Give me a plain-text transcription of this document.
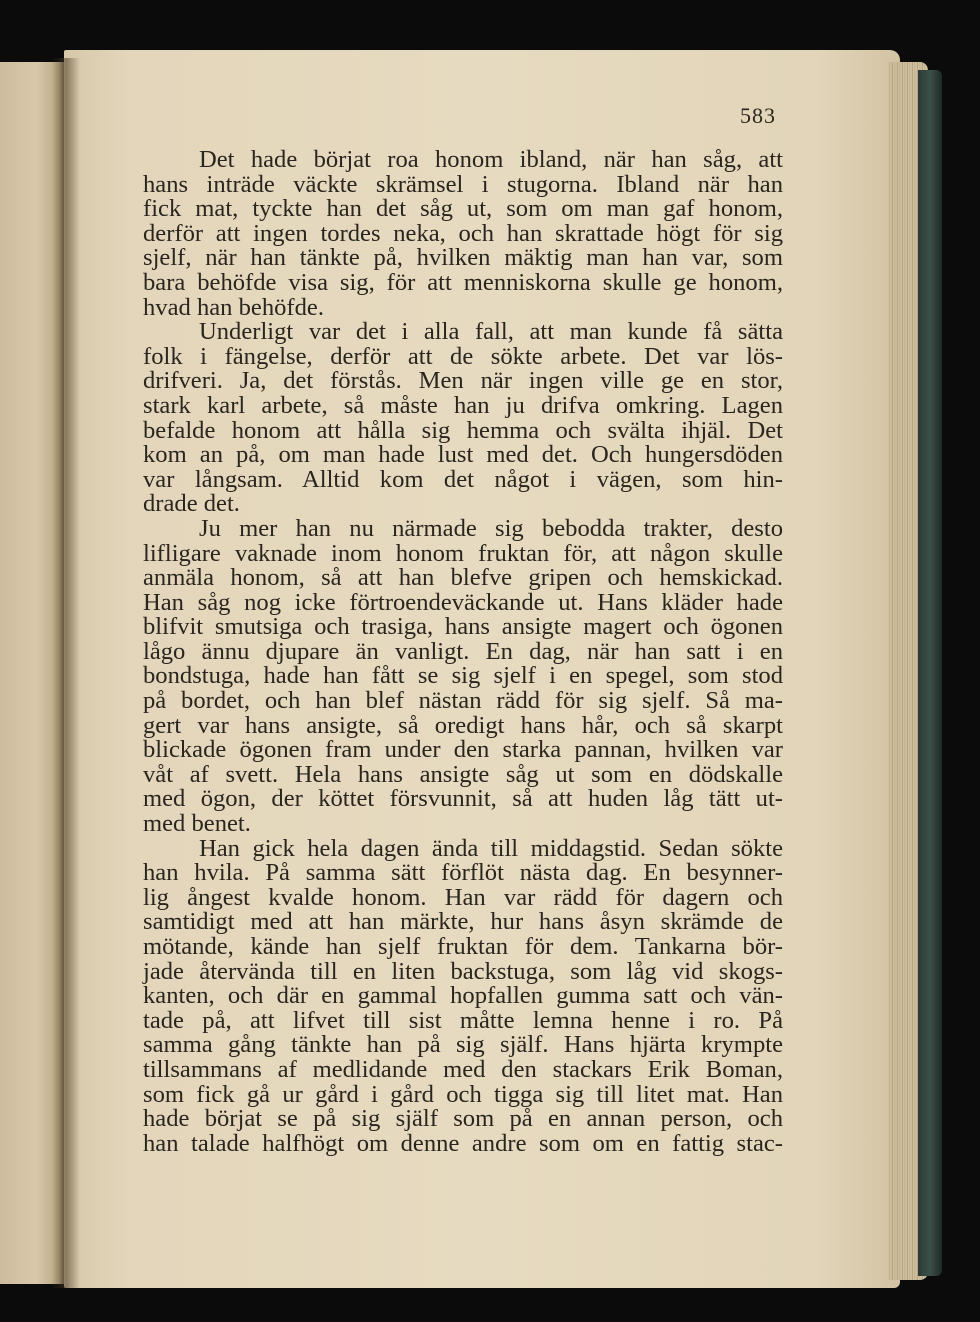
583
Det hade börjat roa honom ibland, när han såg, att
hans inträde väckte skrämsel i stugorna. Ibland när han
fick mat, tyckte han det såg ut, som om man gaf honom,
derför att ingen tordes neka, och han skrattade högt för sig
sjelf, när han tänkte på, hvilken mäktig man han var, som
bara behöfde visa sig, för att menniskorna skulle ge honom,
hvad han behöfde.
Underligt var det i alla fall, att man kunde få sätta
folk i fängelse, derför att de sökte arbete. Det var lös-
drifveri. Ja, det förstås. Men när ingen ville ge en stor,
stark karl arbete, så måste han ju drifva omkring. Lagen
befalde honom att hålla sig hemma och svälta ihjäl. Det
kom an på, om man hade lust med det. Och hungersdöden
var långsam. Alltid kom det något i vägen, som hin-
drade det.
Ju mer han nu närmade sig bebodda trakter, desto
lifligare vaknade inom honom fruktan för, att någon skulle
anmäla honom, så att han blefve gripen och hemskickad.
Han såg nog icke förtroendeväckande ut. Hans kläder hade
blifvit smutsiga och trasiga, hans ansigte magert och ögonen
lågo ännu djupare än vanligt. En dag, när han satt i en
bondstuga, hade han fått se sig sjelf i en spegel, som stod
på bordet, och han blef nästan rädd för sig sjelf. Så ma-
gert var hans ansigte, så oredigt hans hår, och så skarpt
blickade ögonen fram under den starka pannan, hvilken var
våt af svett. Hela hans ansigte såg ut som en dödskalle
med ögon, der köttet försvunnit, så att huden låg tätt ut-
med benet.
Han gick hela dagen ända till middagstid. Sedan sökte
han hvila. På samma sätt förflöt nästa dag. En besynner-
lig ångest kvalde honom. Han var rädd för dagern och
samtidigt med att han märkte, hur hans åsyn skrämde de
mötande, kände han sjelf fruktan för dem. Tankarna bör-
jade återvända till en liten backstuga, som låg vid skogs-
kanten, och där en gammal hopfallen gumma satt och vän-
tade på, att lifvet till sist måtte lemna henne i ro. På
samma gång tänkte han på sig själf. Hans hjärta krympte
tillsammans af medlidande med den stackars Erik Boman,
som fick gå ur gård i gård och tigga sig till litet mat. Han
hade börjat se på sig själf som på en annan person, och
han talade halfhögt om denne andre som om en fattig stac-
